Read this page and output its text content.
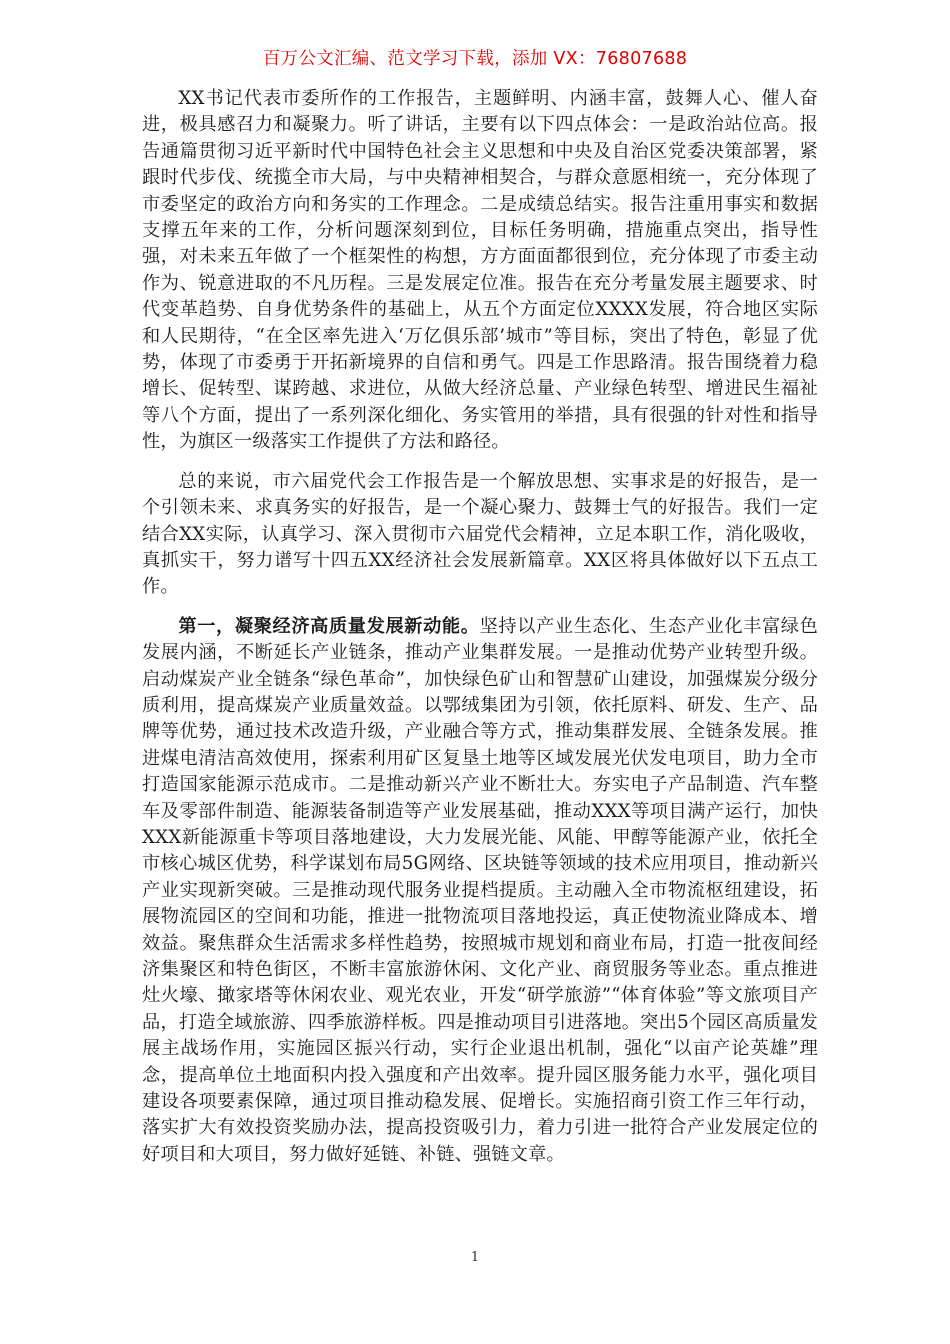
百万公文汇编、范文学习下载，添加 VX：76807688

XX书记代表市委所作的工作报告，主题鲜明、内涵丰富，鼓舞人心、催人奋进，极具感召力和凝聚力。听了讲话，主要有以下四点体会：一是政治站位高。报告通篇贯彻习近平新时代中国特色社会主义思想和中央及自治区党委决策部署，紧跟时代步伐、统揽全市大局，与中央精神相契合，与群众意愿相统一，充分体现了市委坚定的政治方向和务实的工作理念。二是成绩总结实。报告注重用事实和数据支撑五年来的工作，分析问题深刻到位，目标任务明确，措施重点突出，指导性强，对未来五年做了一个框架性的构想，方方面面都很到位，充分体现了市委主动作为、锐意进取的不凡历程。三是发展定位准。报告在充分考量发展主题要求、时代变革趋势、自身优势条件的基础上，从五个方面定位XXXX发展，符合地区实际和人民期待，“在全区率先进入‘万亿俱乐部’城市”等目标，突出了特色，彰显了优势，体现了市委勇于开拓新境界的自信和勇气。四是工作思路清。报告围绕着力稳增长、促转型、谋跨越、求进位，从做大经济总量、产业绿色转型、增进民生福祉等八个方面，提出了一系列深化细化、务实管用的举措，具有很强的针对性和指导性，为旗区一级落实工作提供了方法和路径。

总的来说，市六届党代会工作报告是一个解放思想、实事求是的好报告，是一个引领未来、求真务实的好报告，是一个凝心聚力、鼓舞士气的好报告。我们一定结合XX实际，认真学习、深入贯彻市六届党代会精神，立足本职工作，消化吸收，真抓实干，努力谱写十四五XX经济社会发展新篇章。XX区将具体做好以下五点工作。

第一，凝聚经济高质量发展新动能。坚持以产业生态化、生态产业化丰富绿色发展内涵，不断延长产业链条，推动产业集群发展。一是推动优势产业转型升级。启动煤炭产业全链条“绿色革命”，加快绿色矿山和智慧矿山建设，加强煤炭分级分质利用，提高煤炭产业质量效益。以鄂绒集团为引领，依托原料、研发、生产、品牌等优势，通过技术改造升级，产业融合等方式，推动集群发展、全链条发展。推进煤电清洁高效使用，探索利用矿区复垦土地等区域发展光伏发电项目，助力全市打造国家能源示范成市。二是推动新兴产业不断壮大。夯实电子产品制造、汽车整车及零部件制造、能源装备制造等产业发展基础，推动XXX等项目满产运行，加快XXX新能源重卡等项目落地建设，大力发展光能、风能、甲醇等能源产业，依托全市核心城区优势，科学谋划布局5G网络、区块链等领域的技术应用项目，推动新兴产业实现新突破。三是推动现代服务业提档提质。主动融入全市物流枢纽建设，拓展物流园区的空间和功能，推进一批物流项目落地投运，真正使物流业降成本、增效益。聚焦群众生活需求多样性趋势，按照城市规划和商业布局，打造一批夜间经济集聚区和特色街区，不断丰富旅游休闲、文化产业、商贸服务等业态。重点推进灶火壕、撖家塔等休闲农业、观光农业，开发“研学旅游”“体育体验”等文旅项目产品，打造全域旅游、四季旅游样板。四是推动项目引进落地。突出5个园区高质量发展主战场作用，实施园区振兴行动，实行企业退出机制，强化“以亩产论英雄”理念，提高单位土地面积内投入强度和产出效率。提升园区服务能力水平，强化项目建设各项要素保障，通过项目推动稳发展、促增长。实施招商引资工作三年行动，落实扩大有效投资奖励办法，提高投资吸引力，着力引进一批符合产业发展定位的好项目和大项目，努力做好延链、补链、强链文章。

1
